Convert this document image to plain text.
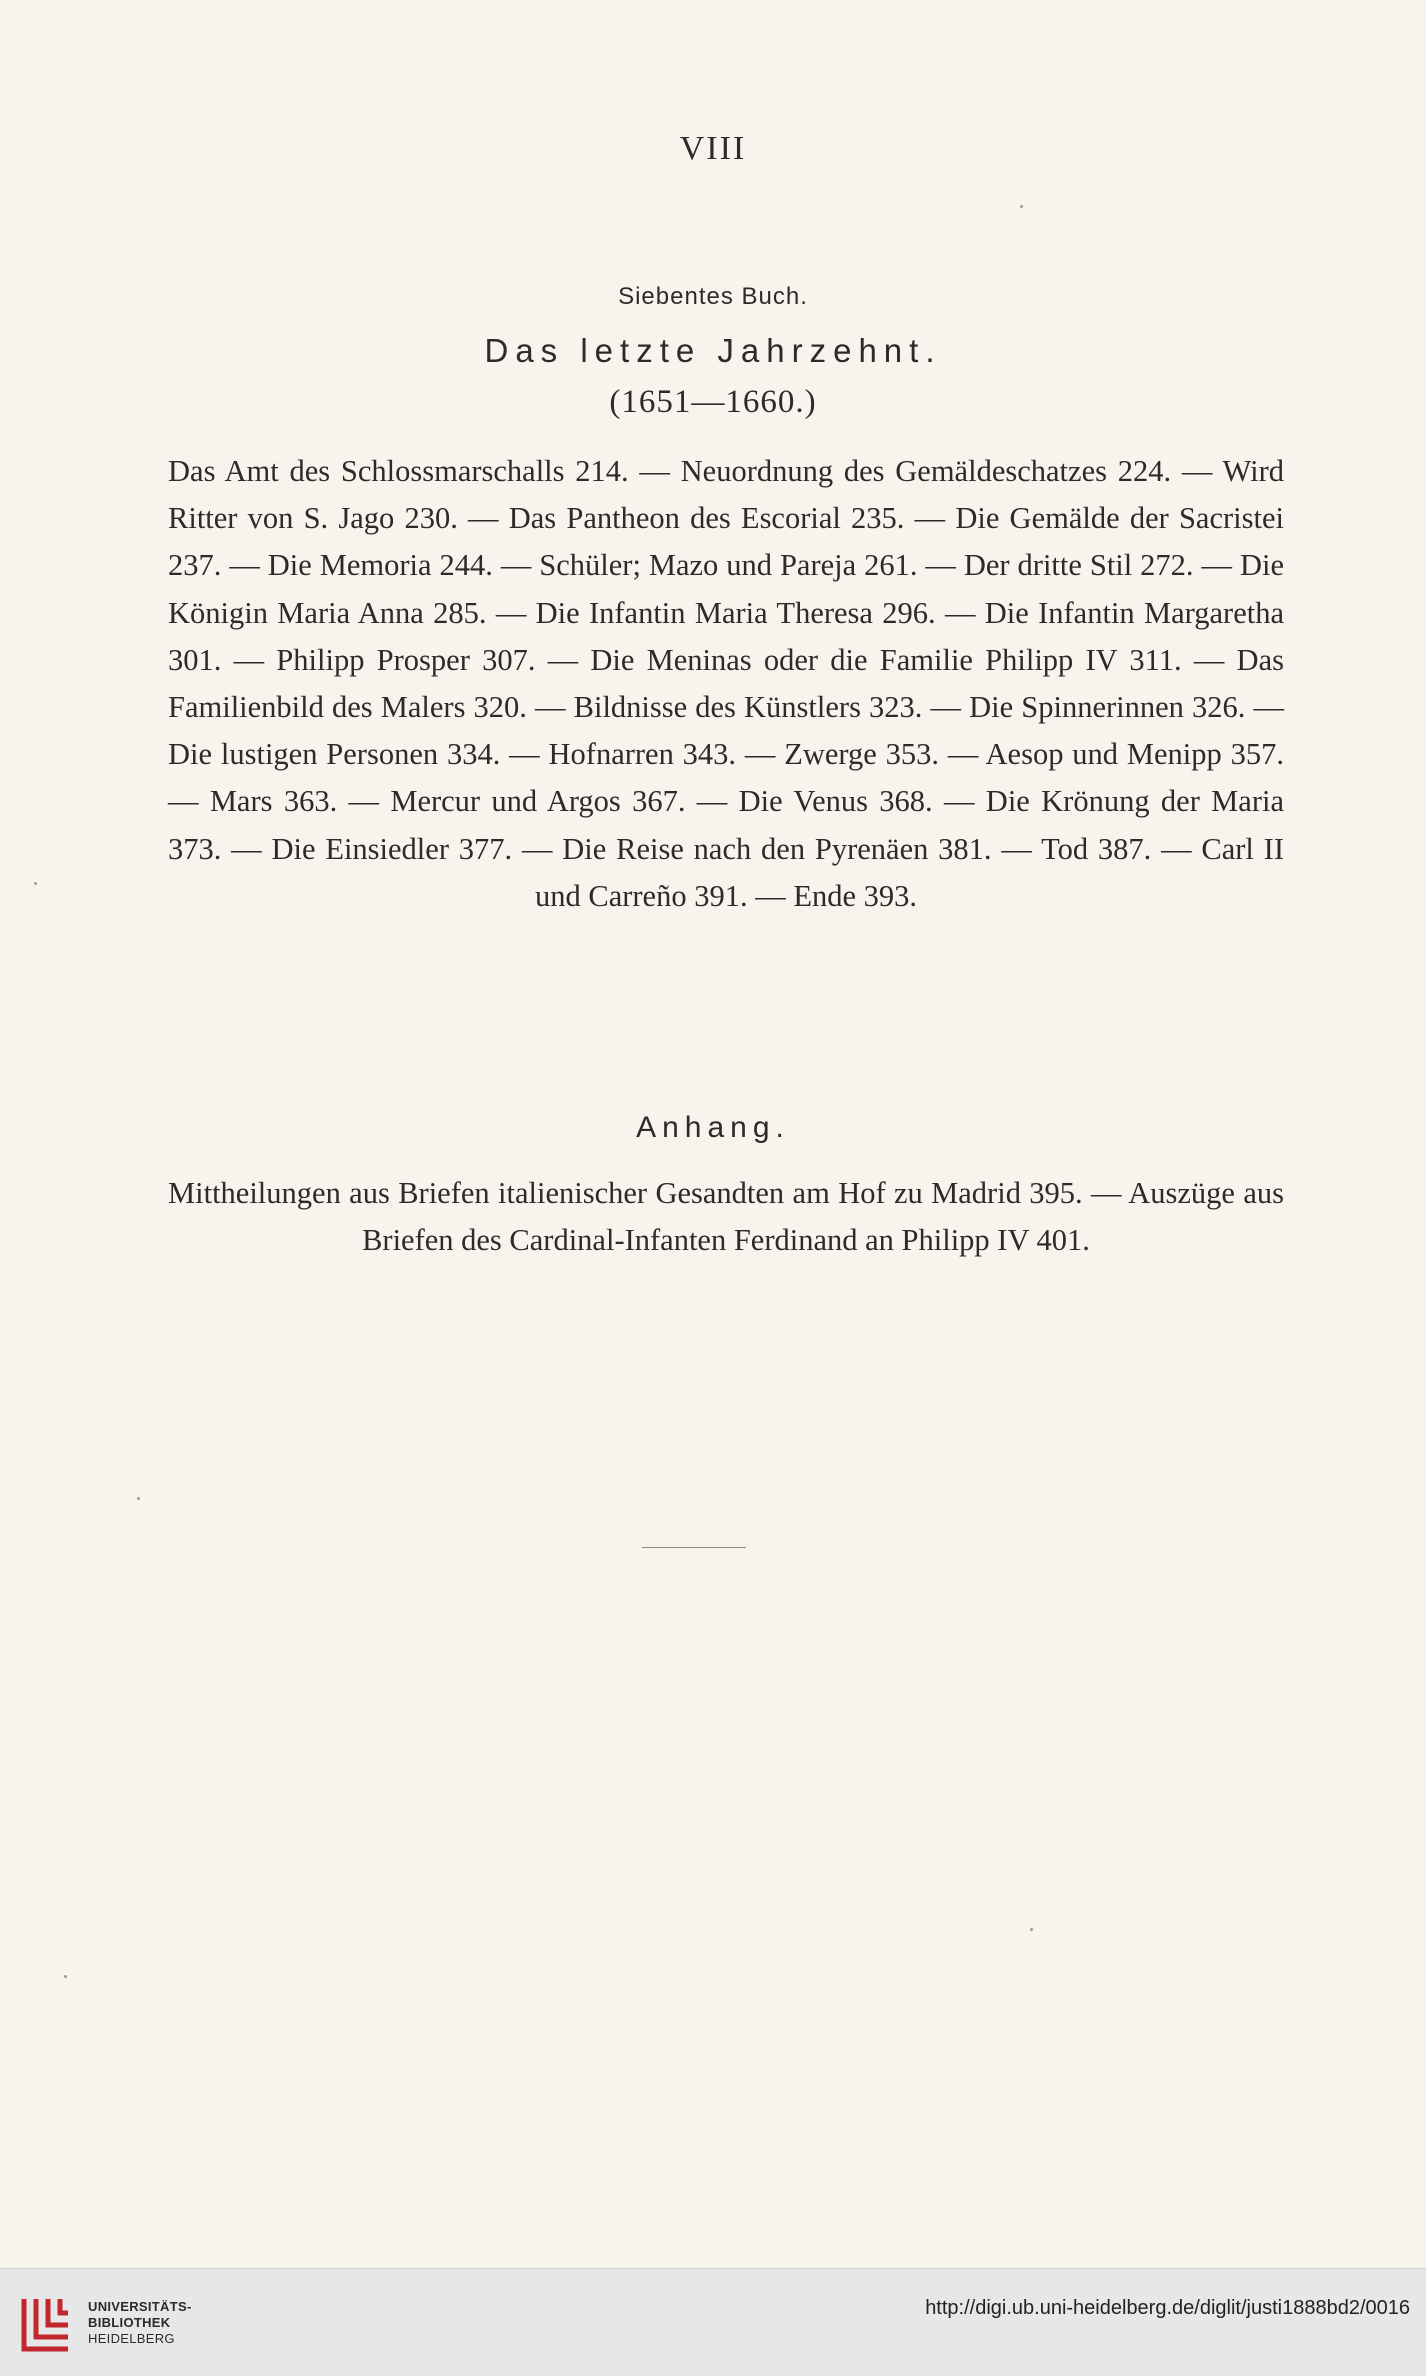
VIII
Siebentes Buch.
Das letzte Jahrzehnt.
(1651—1660.)
Das Amt des Schlossmarschalls 214. — Neuordnung des Gemäldeschatzes 224. — Wird Ritter von S. Jago 230. — Das Pantheon des Escorial 235. — Die Gemälde der Sacristei 237. — Die Memoria 244. — Schüler; Mazo und Pareja 261. — Der dritte Stil 272. — Die Königin Maria Anna 285. — Die Infantin Maria Theresa 296. — Die Infantin Margaretha 301. — Philipp Prosper 307. — Die Meninas oder die Familie Philipp IV 311. — Das Familienbild des Malers 320. — Bildnisse des Künstlers 323. — Die Spinnerinnen 326. — Die lustigen Personen 334. — Hofnarren 343. — Zwerge 353. — Aesop und Menipp 357. — Mars 363. — Mercur und Argos 367. — Die Venus 368. — Die Krönung der Maria 373. — Die Einsiedler 377. — Die Reise nach den Pyrenäen 381. — Tod 387. — Carl II und Carreño 391. — Ende 393.
Anhang.
Mittheilungen aus Briefen italienischer Gesandten am Hof zu Madrid 395. — Auszüge aus Briefen des Cardinal-Infanten Ferdinand an Philipp IV 401.
UNIVERSITÄTS-
BIBLIOTHEK
HEIDELBERG
http://digi.ub.uni-heidelberg.de/diglit/justi1888bd2/0016
